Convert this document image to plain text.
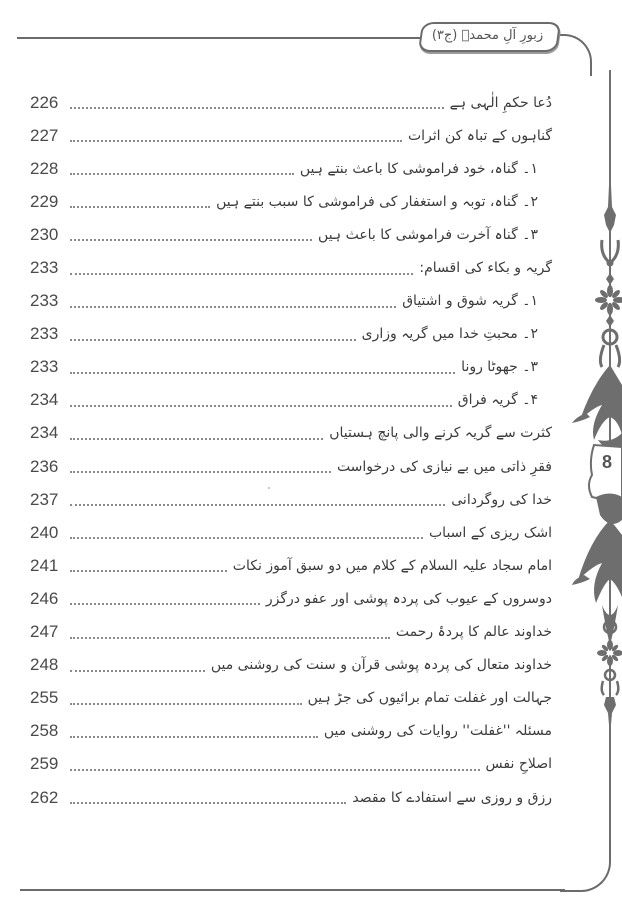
زبورِ آلِ محمدؐ (ج۳)
226	دُعا حکمِ الٰہی ہے
227	گناہوں کے تباہ کن اثرات
228	۱۔ گناہ، خود فراموشی کا باعث بنتے ہیں
229	۲۔ گناہ، توبہ و استغفار کی فراموشی کا سبب بنتے ہیں
230	۳۔ گناہ آخرت فراموشی کا باعث ہیں
233	گریہ و بکاء کی اقسام:
233	۱۔ گریہ شوق و اشتیاق
233	۲۔ محبتِ خدا میں گریہ وزاری
233	۳۔ جھوٹا رونا
234	۴۔ گریہ فراق
234	کثرت سے گریہ کرنے والی پانچ ہستیاں
236	فقرِ ذاتی میں بے نیازی کی درخواست
237	خدا کی روگردانی
240	اشک ریزی کے اسباب
241	امام سجاد علیہ السلام کے کلام میں دو سبق آموز نکات
246	دوسروں کے عیوب کی پردہ پوشی اور عفو درگزر
247	خداوند عالم کا پردۂ رحمت
248	خداوند متعال کی پردہ پوشی قرآن و سنت کی روشنی میں
255	جہالت اور غفلت تمام برائیوں کی جڑ ہیں
258	مسئلہ ''غفلت'' روایات کی روشنی میں
259	اصلاحِ نفس
262	رزق و روزی سے استفادے کا مقصد
8
